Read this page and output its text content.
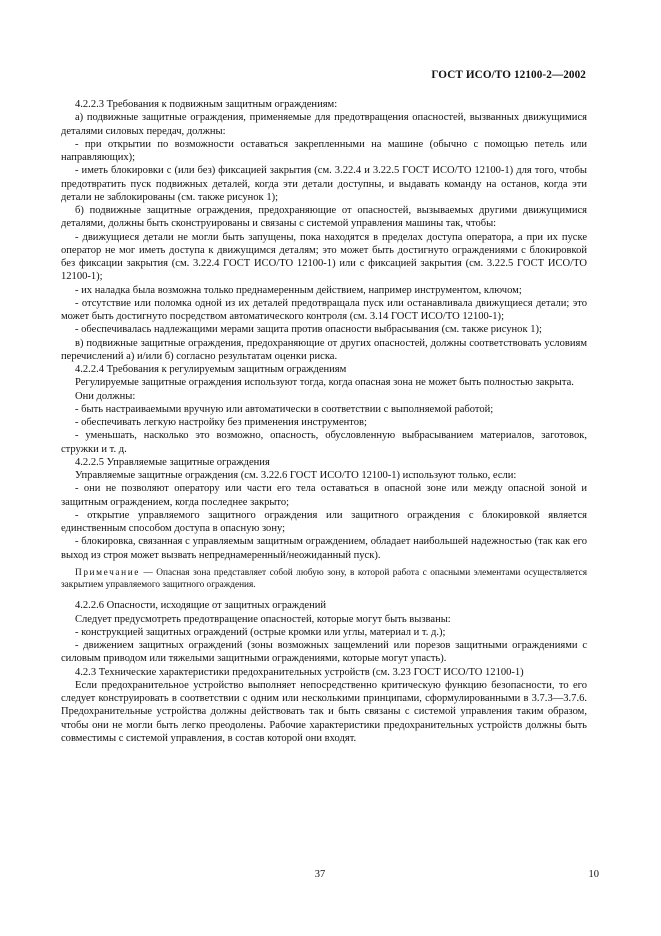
ГОСТ ИСО/ТО 12100-2—2002

4.2.2.3 Требования к подвижным защитным ограждениям:

а) подвижные защитные ограждения, применяемые для предотвращения опасностей, вызванных движущимися деталями силовых передач, должны:

- при открытии по возможности оставаться закрепленными на машине (обычно с помощью петель или направляющих);

- иметь блокировки с (или без) фиксацией закрытия (см. 3.22.4 и 3.22.5 ГОСТ ИСО/ТО 12100-1) для того, чтобы предотвратить пуск подвижных деталей, когда эти детали доступны, и выдавать команду на останов, когда эти детали не заблокированы (см. также рисунок 1);

б) подвижные защитные ограждения, предохраняющие от опасностей, вызываемых другими движущимися деталями, должны быть сконструированы и связаны с системой управления машины так, чтобы:

- движущиеся детали не могли быть запущены, пока находятся в пределах доступа оператора, а при их пуске оператор не мог иметь доступа к движущимся деталям; это может быть достигнуто ограждениями с блокировкой без фиксации закрытия (см. 3.22.4 ГОСТ ИСО/ТО 12100-1) или с фиксацией закрытия (см. 3.22.5 ГОСТ ИСО/ТО 12100-1);

- их наладка была возможна только преднамеренным действием, например инструментом, ключом;

- отсутствие или поломка одной из их деталей предотвращала пуск или останавливала движущиеся детали; это может быть достигнуто посредством автоматического контроля (см. 3.14 ГОСТ ИСО/ТО 12100-1);

- обеспечивалась надлежащими мерами защита против опасности выбрасывания (см. также рисунок 1);

в) подвижные защитные ограждения, предохраняющие от других опасностей, должны соответствовать условиям перечислений а) и/или б) согласно результатам оценки риска.

4.2.2.4 Требования к регулируемым защитным ограждениям

Регулируемые защитные ограждения используют тогда, когда опасная зона не может быть полностью закрыта.

Они должны:

- быть настраиваемыми вручную или автоматически в соответствии с выполняемой работой;

- обеспечивать легкую настройку без применения инструментов;

- уменьшать, насколько это возможно, опасность, обусловленную выбрасыванием материалов, заготовок, стружки и т. д.

4.2.2.5 Управляемые защитные ограждения

Управляемые защитные ограждения (см. 3.22.6 ГОСТ ИСО/ТО 12100-1) используют только, если:

- они не позволяют оператору или части его тела оставаться в опасной зоне или между опасной зоной и защитным ограждением, когда последнее закрыто;

- открытие управляемого защитного ограждения или защитного ограждения с блокировкой является единственным способом доступа в опасную зону;

- блокировка, связанная с управляемым защитным ограждением, обладает наибольшей надежностью (так как его выход из строя может вызвать непреднамеренный/неожиданный пуск).

Примечание — Опасная зона представляет собой любую зону, в которой работа с опасными элементами осуществляется закрытием управляемого защитного ограждения.

4.2.2.6 Опасности, исходящие от защитных ограждений

Следует предусмотреть предотвращение опасностей, которые могут быть вызваны:

- конструкцией защитных ограждений (острые кромки или углы, материал и т. д.);

- движением защитных ограждений (зоны возможных защемлений или порезов защитными ограждениями с силовым приводом или тяжелыми защитными ограждениями, которые могут упасть).

4.2.3 Технические характеристики предохранительных устройств (см. 3.23 ГОСТ ИСО/ТО 12100-1)

Если предохранительное устройство выполняет непосредственно критическую функцию безопасности, то его следует конструировать в соответствии с одним или несколькими принципами, сформулированными в 3.7.3—3.7.6. Предохранительные устройства должны действовать так и быть связаны с системой управления таким образом, чтобы они не могли быть легко преодолены. Рабочие характеристики предохранительных устройств должны быть совместимы с системой управления, в состав которой они входят.

37	10
